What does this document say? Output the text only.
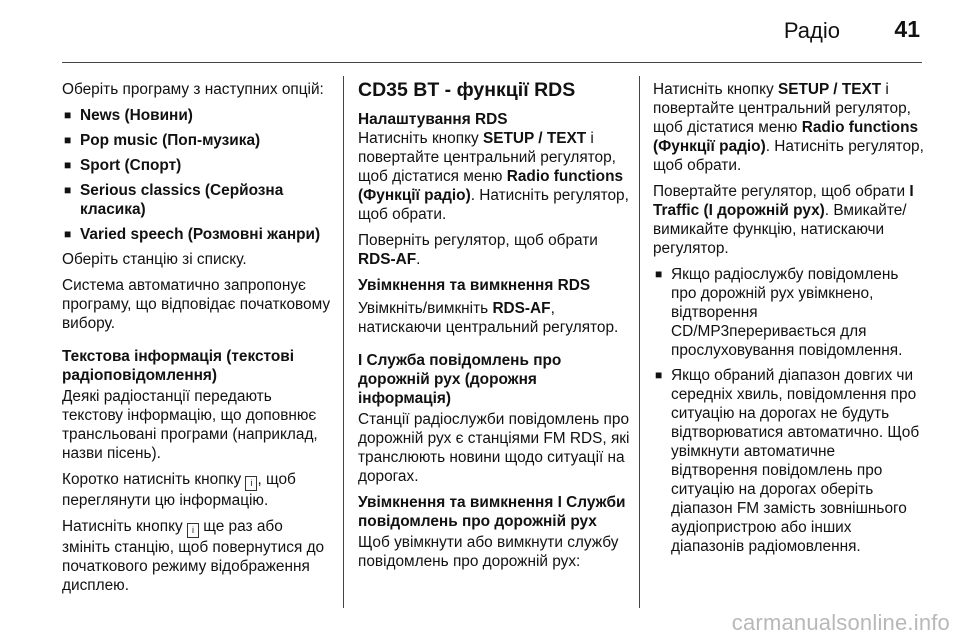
Радіо 41

Оберіть програму з наступних опцій:

■ News (Новини)
■ Pop music (Поп-музика)
■ Sport (Спорт)
■ Serious classics (Серйозна класика)
■ Varied speech (Розмовні жанри)

Оберіть станцію зі списку.

Система автоматично запропонує програму, що відповідає початковому вибору.

Текстова інформація (текстові радіоповідомлення)

Деякі радіостанції передають текстову інформацію, що доповнює трансльовані програми (наприклад, назви пісень).

Коротко натисніть кнопку i , щоб переглянути цю інформацію.

Натисніть кнопку i ще раз або змініть станцію, щоб повернутися до початкового режиму відображення дисплею.

CD35 BT - функції RDS

Налаштування RDS

Натисніть кнопку SETUP / TEXT і повертайте центральний регулятор, щоб дістатися меню Radio functions (Функції радіо). Натисніть регулятор, щоб обрати.

Поверніть регулятор, щоб обрати RDS-AF.

Увімкнення та вимкнення RDS

Увімкніть/вимкніть RDS-AF, натискаючи центральний регулятор.

I Служба повідомлень про дорожній рух (дорожня інформація)

Станції радіослужби повідомлень про дорожній рух є станціями FM RDS, які транслюють новини щодо ситуації на дорогах.

Увімкнення та вимкнення I Служби повідомлень про дорожній рух

Щоб увімкнути або вимкнути службу повідомлень про дорожній рух:

Натисніть кнопку SETUP / TEXT і повертайте центральний регулятор, щоб дістатися меню Radio functions (Функції радіо). Натисніть регулятор, щоб обрати.

Повертайте регулятор, щоб обрати I Traffic (I дорожній рух). Вмикайте/вимикайте функцію, натискаючи регулятор.

■ Якщо радіослужбу повідомлень про дорожній рух увімкнено, відтворення CD/MP3переривається для прослуховування повідомлення.
■ Якщо обраний діапазон довгих чи середніх хвиль, повідомлення про ситуацію на дорогах не будуть відтворюватися автоматично. Щоб увімкнути автоматичне відтворення повідомлень про ситуацію на дорогах оберіть діапазон FM замість зовнішнього аудіопристрою або інших діапазонів радіомовлення.
carmanualsonline.info
